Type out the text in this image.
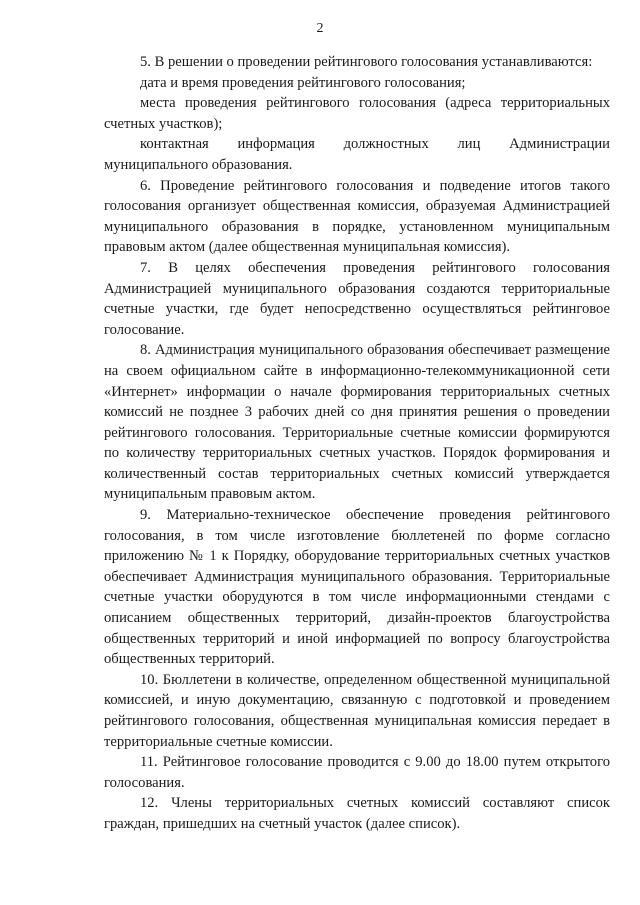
2

5. В решении о проведении рейтингового голосования устанавливаются:

дата и время проведения рейтингового голосования;

места проведения рейтингового голосования (адреса территориальных счетных участков);

контактная информация должностных лиц Администрации муниципального образования.

6. Проведение рейтингового голосования и подведение итогов такого голосования организует общественная комиссия, образуемая Администрацией муниципального образования в порядке, установленном муниципальным правовым актом (далее общественная муниципальная комиссия).

7. В целях обеспечения проведения рейтингового голосования Администрацией муниципального образования создаются территориальные счетные участки, где будет непосредственно осуществляться рейтинговое голосование.

8. Администрация муниципального образования обеспечивает размещение на своем официальном сайте в информационно-телекоммуникационной сети «Интернет» информации о начале формирования территориальных счетных комиссий не позднее 3 рабочих дней со дня принятия решения о проведении рейтингового голосования. Территориальные счетные комиссии формируются по количеству территориальных счетных участков. Порядок формирования и количественный состав территориальных счетных комиссий утверждается муниципальным правовым актом.

9. Материально-техническое обеспечение проведения рейтингового голосования, в том числе изготовление бюллетеней по форме согласно приложению № 1 к Порядку, оборудование территориальных счетных участков обеспечивает Администрация муниципального образования. Территориальные счетные участки оборудуются в том числе информационными стендами с описанием общественных территорий, дизайн-проектов благоустройства общественных территорий и иной информацией по вопросу благоустройства общественных территорий.

10. Бюллетени в количестве, определенном общественной муниципальной комиссией, и иную документацию, связанную с подготовкой и проведением рейтингового голосования, общественная муниципальная комиссия передает в территориальные счетные комиссии.

11. Рейтинговое голосование проводится с 9.00 до 18.00 путем открытого голосования.

12. Члены территориальных счетных комиссий составляют список граждан, пришедших на счетный участок (далее список).
